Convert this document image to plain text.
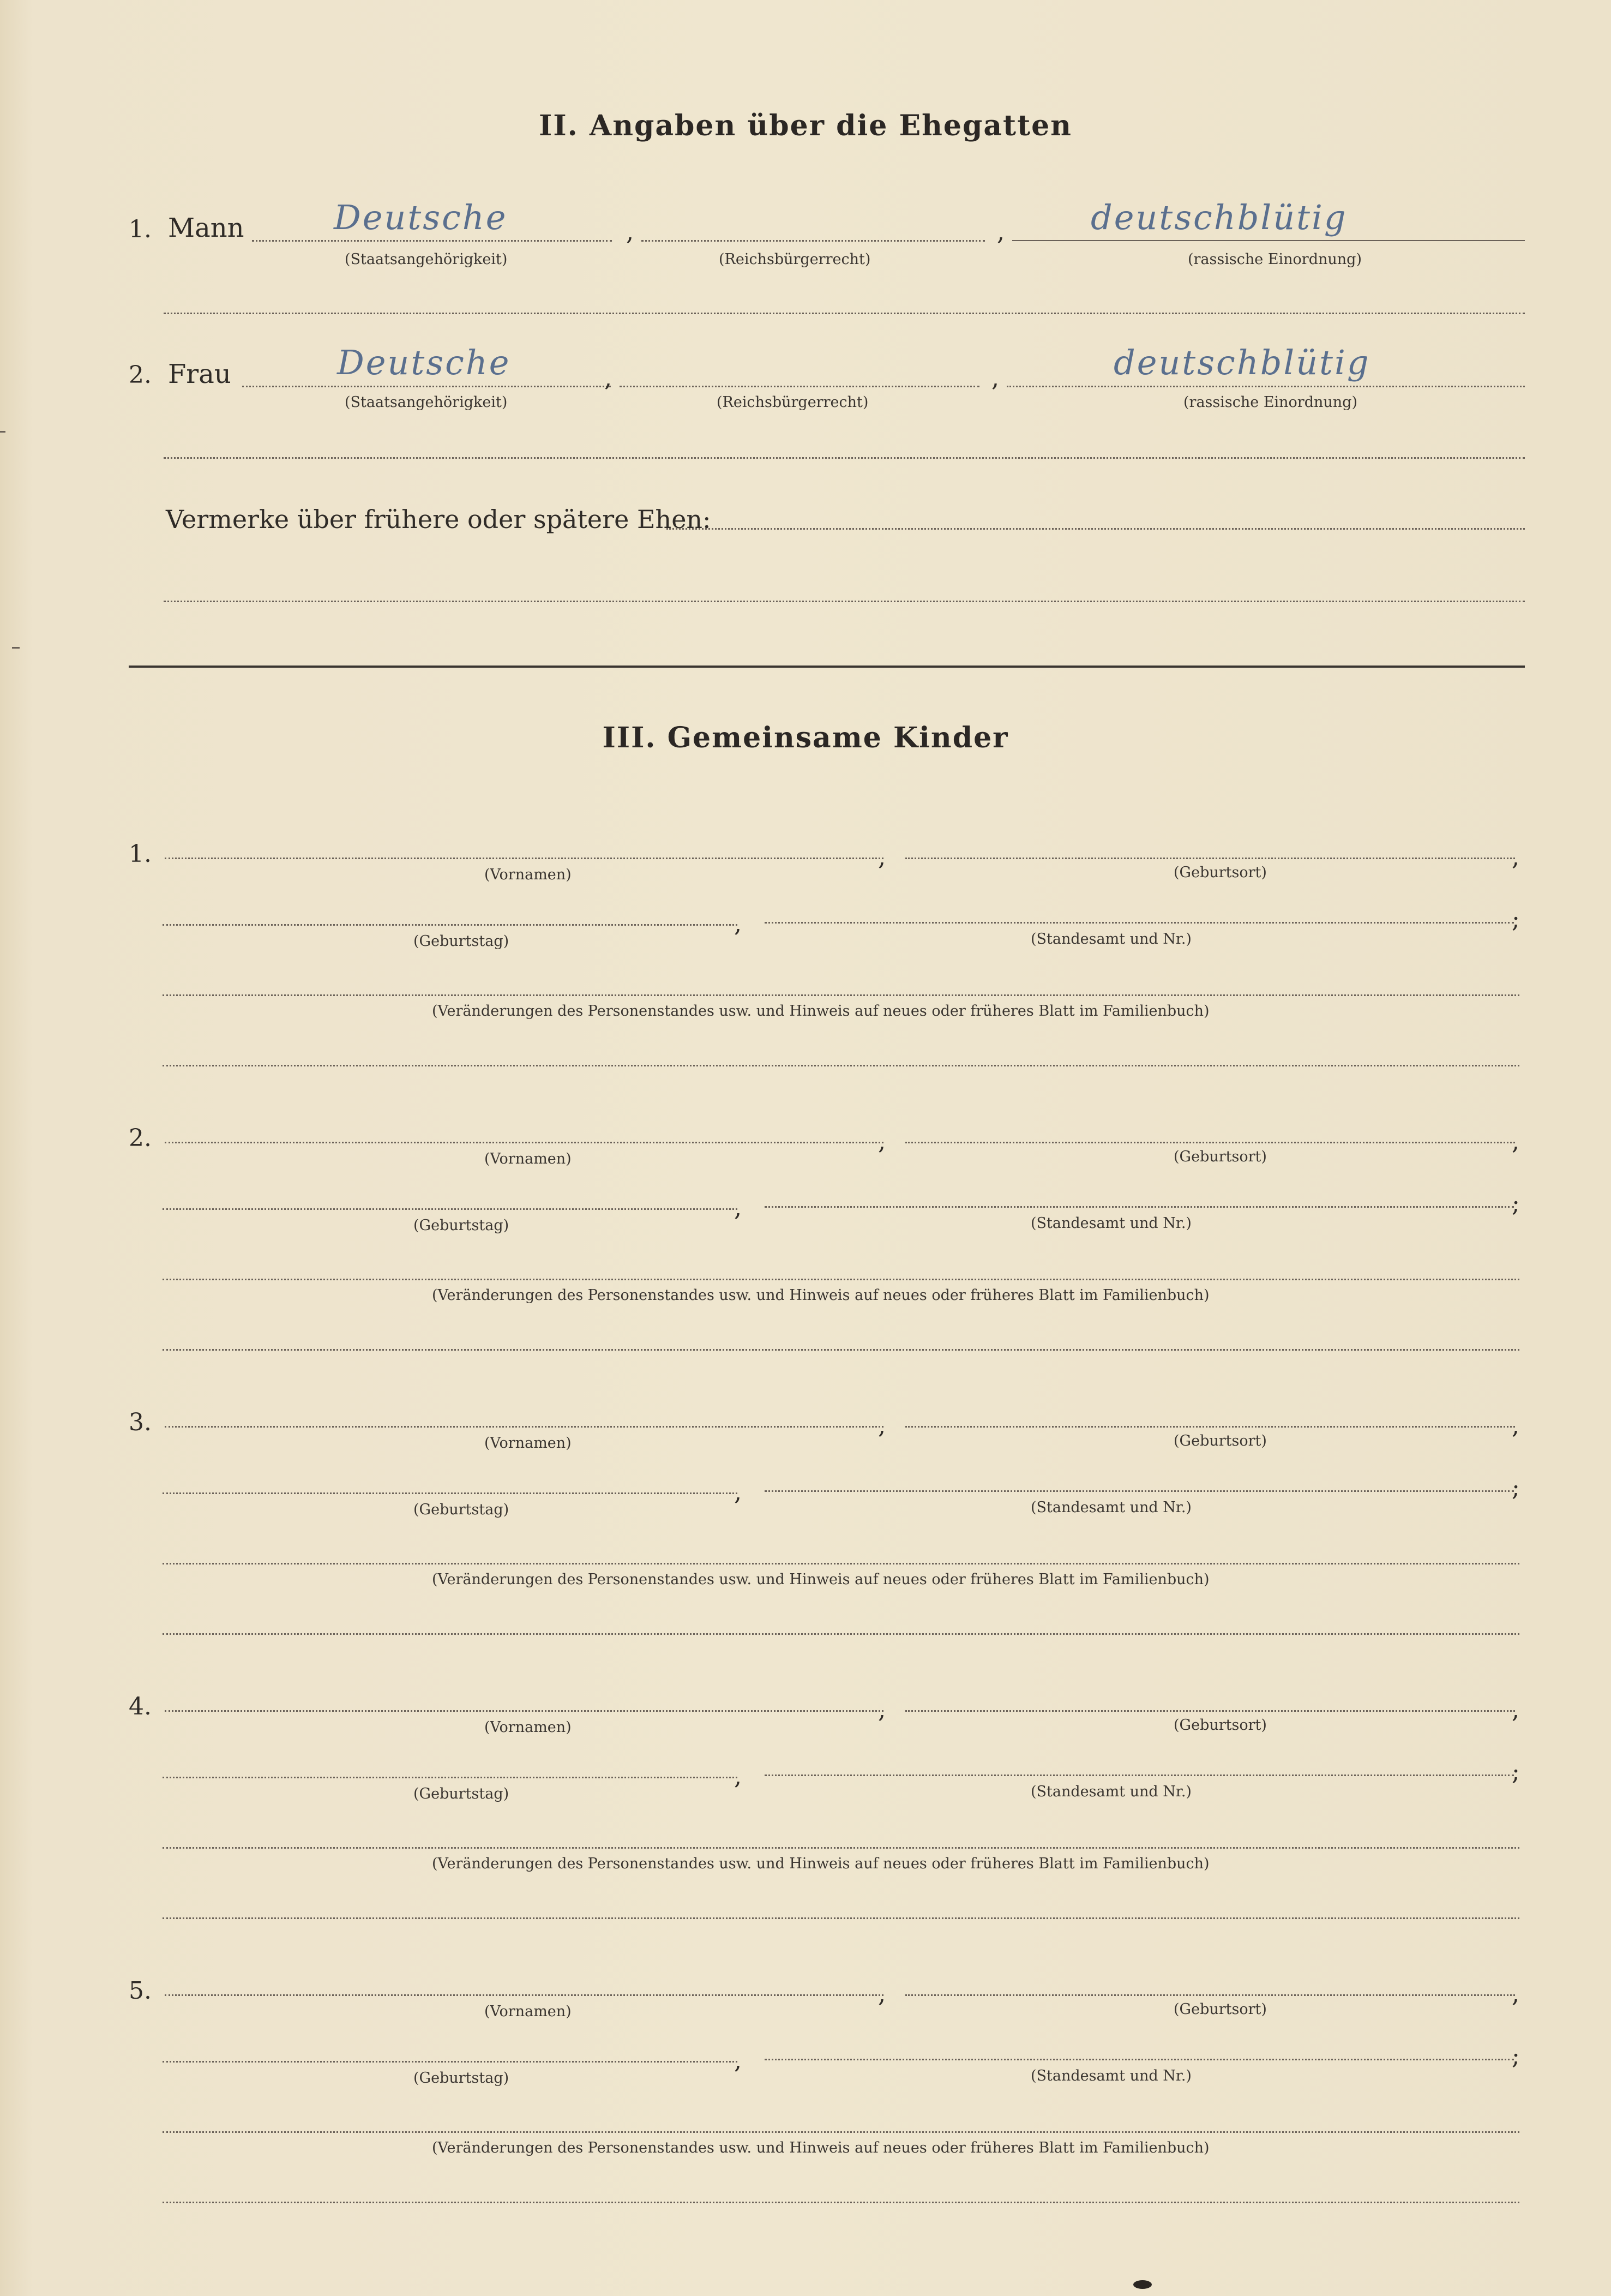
II. Angaben über die Ehegatten
1. Mann	Deutsche	,	,	deutschblütig
(Staatsangehörigkeit)	(Reichsbürgerrecht)	(rassische Einordnung)
2. Frau	Deutsche	,	,	deutschblütig
(Staatsangehörigkeit)	(Reichsbürgerrecht)	(rassische Einordnung)
Vermerke über frühere oder spätere Ehen:
III. Gemeinsame Kinder
1.	,	,
(Vornamen)	(Geburtsort)
,	;
(Geburtstag)	(Standesamt und Nr.)
(Veränderungen des Personenstandes usw. und Hinweis auf neues oder früheres Blatt im Familienbuch)
2.	,	,
(Vornamen)	(Geburtsort)
,	;
(Geburtstag)	(Standesamt und Nr.)
(Veränderungen des Personenstandes usw. und Hinweis auf neues oder früheres Blatt im Familienbuch)
3.	,	,
(Vornamen)	(Geburtsort)
,	;
(Geburtstag)	(Standesamt und Nr.)
(Veränderungen des Personenstandes usw. und Hinweis auf neues oder früheres Blatt im Familienbuch)
4.	,	,
(Vornamen)	(Geburtsort)
,	;
(Geburtstag)	(Standesamt und Nr.)
(Veränderungen des Personenstandes usw. und Hinweis auf neues oder früheres Blatt im Familienbuch)
5.	,	,
(Vornamen)	(Geburtsort)
,	;
(Geburtstag)	(Standesamt und Nr.)
(Veränderungen des Personenstandes usw. und Hinweis auf neues oder früheres Blatt im Familienbuch)
